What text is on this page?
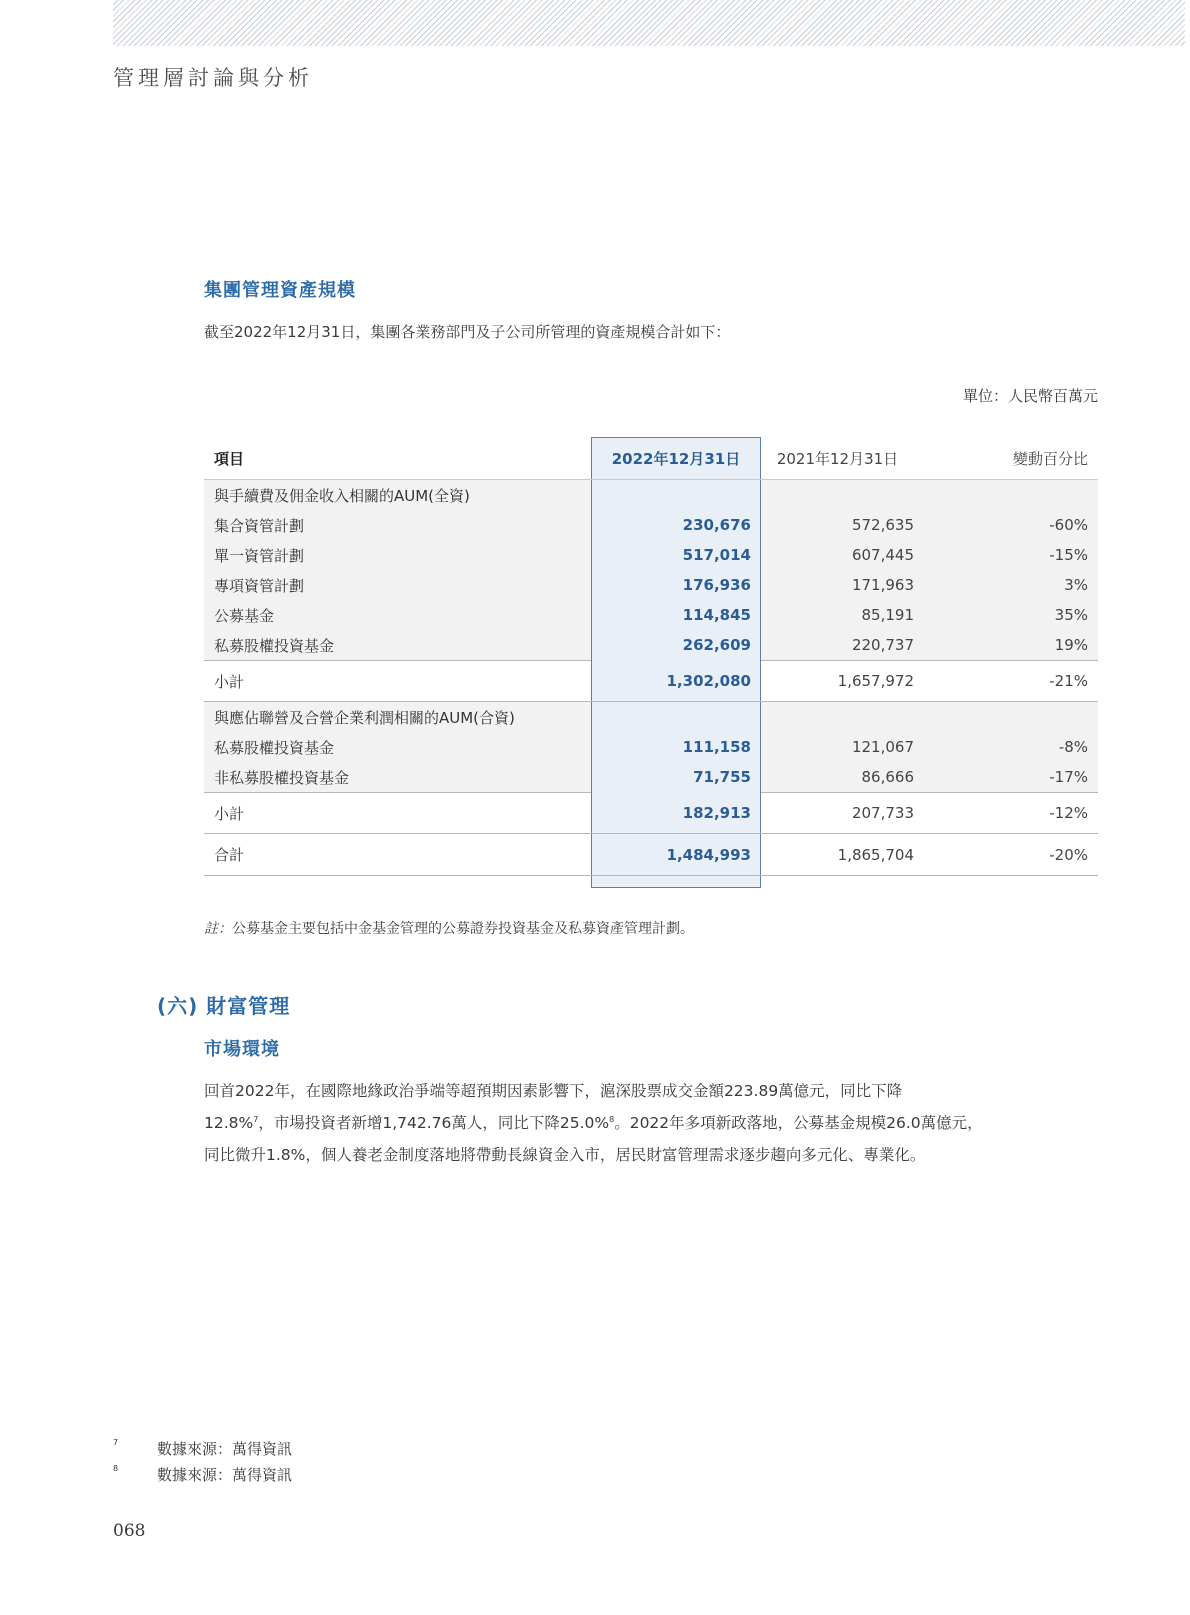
管理層討論與分析
集團管理資產規模
截至2022年12月31日，集團各業務部門及子公司所管理的資產規模合計如下：
單位：人民幣百萬元
項目	2022年12月31日	2021年12月31日	變動百分比
與手續費及佣金收入相關的AUM(全資)
集合資管計劃	230,676	572,635	-60%
單一資管計劃	517,014	607,445	-15%
專項資管計劃	176,936	171,963	3%
公募基金	114,845	85,191	35%
私募股權投資基金	262,609	220,737	19%
小計	1,302,080	1,657,972	-21%
與應佔聯營及合營企業利潤相關的AUM(合資)
私募股權投資基金	111,158	121,067	-8%
非私募股權投資基金	71,755	86,666	-17%
小計	182,913	207,733	-12%
合計	1,484,993	1,865,704	-20%
註：公募基金主要包括中金基金管理的公募證券投資基金及私募資產管理計劃。
(六) 財富管理
市場環境
回首2022年，在國際地緣政治爭端等超預期因素影響下，滬深股票成交金額223.89萬億元，同比下降
12.8%$^7$，市場投資者新增1,742.76萬人，同比下降25.0%$^8$。2022年多項新政落地，公募基金規模26.0萬億元，
同比微升1.8%，個人養老金制度落地將帶動長線資金入市，居民財富管理需求逐步趨向多元化、專業化。
7	數據來源：萬得資訊
8	數據來源：萬得資訊
068
